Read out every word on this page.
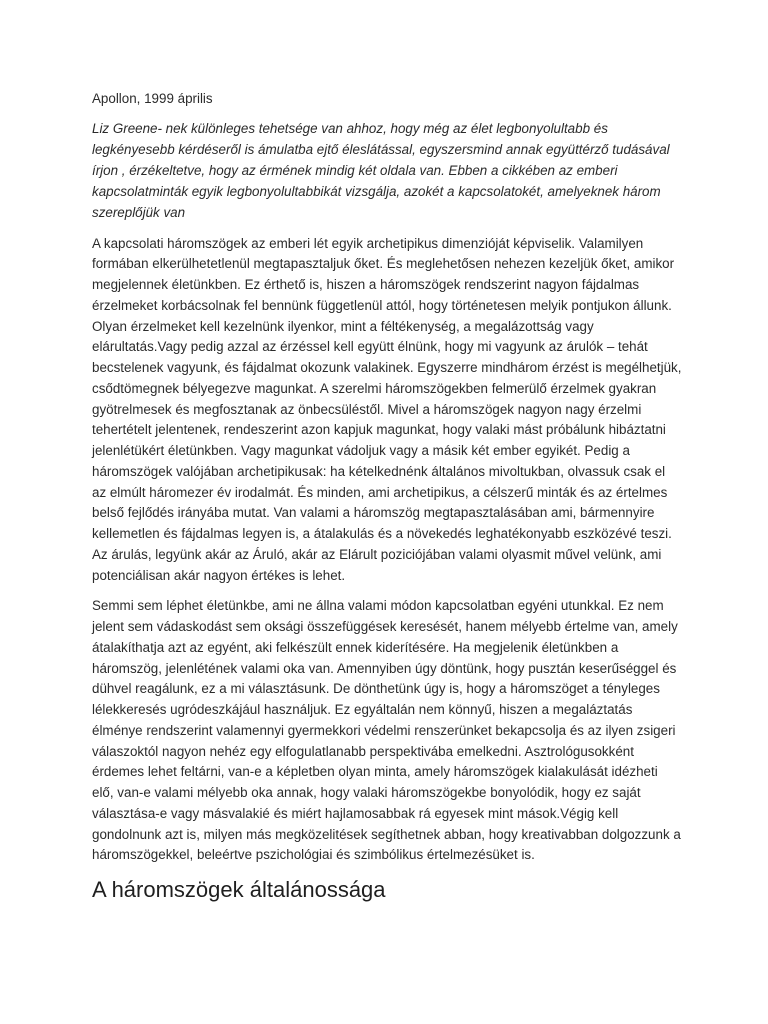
Apollon, 1999 április

Liz Greene- nek különleges tehetsége van ahhoz, hogy még az élet legbonyolultabb és legkényesebb kérdéseről is ámulatba ejtő éleslátással, egyszersmind annak együttérző tudásával írjon , érzékeltetve, hogy az érmének mindig két oldala van. Ebben a cikkében az emberi kapcsolatminták egyik legbonyolultabbikát vizsgálja, azokét a kapcsolatokét, amelyeknek három szereplőjük van

A kapcsolati háromszögek az emberi lét egyik archetipikus dimenzióját képviselik. Valamilyen formában elkerülhetetlenül megtapasztaljuk őket. És meglehetősen nehezen kezeljük őket, amikor megjelennek életünkben. Ez érthető is, hiszen a háromszögek rendszerint nagyon fájdalmas érzelmeket korbácsolnak fel bennünk függetlenül attól, hogy történetesen melyik pontjukon állunk. Olyan érzelmeket kell kezelnünk ilyenkor, mint a féltékenység, a megalázottság vagy elárultatás.Vagy pedig azzal az érzéssel kell együtt élnünk, hogy mi vagyunk az árulók – tehát becstelenek vagyunk, és fájdalmat okozunk valakinek. Egyszerre mindhárom érzést is megélhetjük, csődtömegnek bélyegezve magunkat. A szerelmi háromszögekben felmerülő érzelmek gyakran gyötrelmesek és megfosztanak az önbecsüléstől. Mivel a háromszögek nagyon nagy érzelmi tehertételt jelentenek, rendeszerint azon kapjuk magunkat, hogy valaki mást próbálunk hibáztatni jelenlétükért életünkben. Vagy magunkat vádoljuk vagy a másik két ember egyikét. Pedig a háromszögek valójában archetipikusak: ha kételkednénk általános mivoltukban, olvassuk csak el az elmúlt háromezer év irodalmát. És minden, ami archetipikus, a célszerű minták és az értelmes belső fejlődés irányába mutat. Van valami a háromszög megtapasztalásában ami, bármennyire kellemetlen és fájdalmas legyen is, a átalakulás és a növekedés leghatékonyabb eszközévé teszi. Az árulás, legyünk akár az Áruló, akár az Elárult poziciójában valami olyasmit művel velünk, ami potenciálisan akár nagyon értékes is lehet.

Semmi sem léphet életünkbe, ami ne állna valami módon kapcsolatban egyéni utunkkal. Ez nem jelent sem vádaskodást sem oksági összefüggések keresését, hanem mélyebb értelme van, amely átalakíthatja azt az egyént, aki felkészült ennek kiderítésére. Ha megjelenik életünkben a háromszög, jelenlétének valami oka van. Amennyiben úgy döntünk, hogy pusztán keserűséggel és dühvel reagálunk, ez a mi választásunk. De dönthetünk úgy is, hogy a háromszöget a tényleges lélekkeresés ugródeszkájául használjuk. Ez egyáltalán nem könnyű, hiszen a megaláztatás élménye rendszerint valamennyi gyermekkori védelmi renszerünket bekapcsolja és az ilyen zsigeri válaszoktól nagyon nehéz egy elfogulatlanabb perspektivába emelkedni. Asztrológusokként érdemes lehet feltárni, van-e a képletben olyan minta, amely háromszögek kialakulását idézheti elő, van-e valami mélyebb oka annak, hogy valaki háromszögekbe bonyolódik, hogy ez saját választása-e vagy másvalakié és miért hajlamosabbak rá egyesek mint mások.Végig kell gondolnunk azt is, milyen más megközelitések segíthetnek abban, hogy kreativabban dolgozzunk a háromszögekkel, beleértve pszichológiai és szimbólikus értelmezésüket is.

A háromszögek általánossága
